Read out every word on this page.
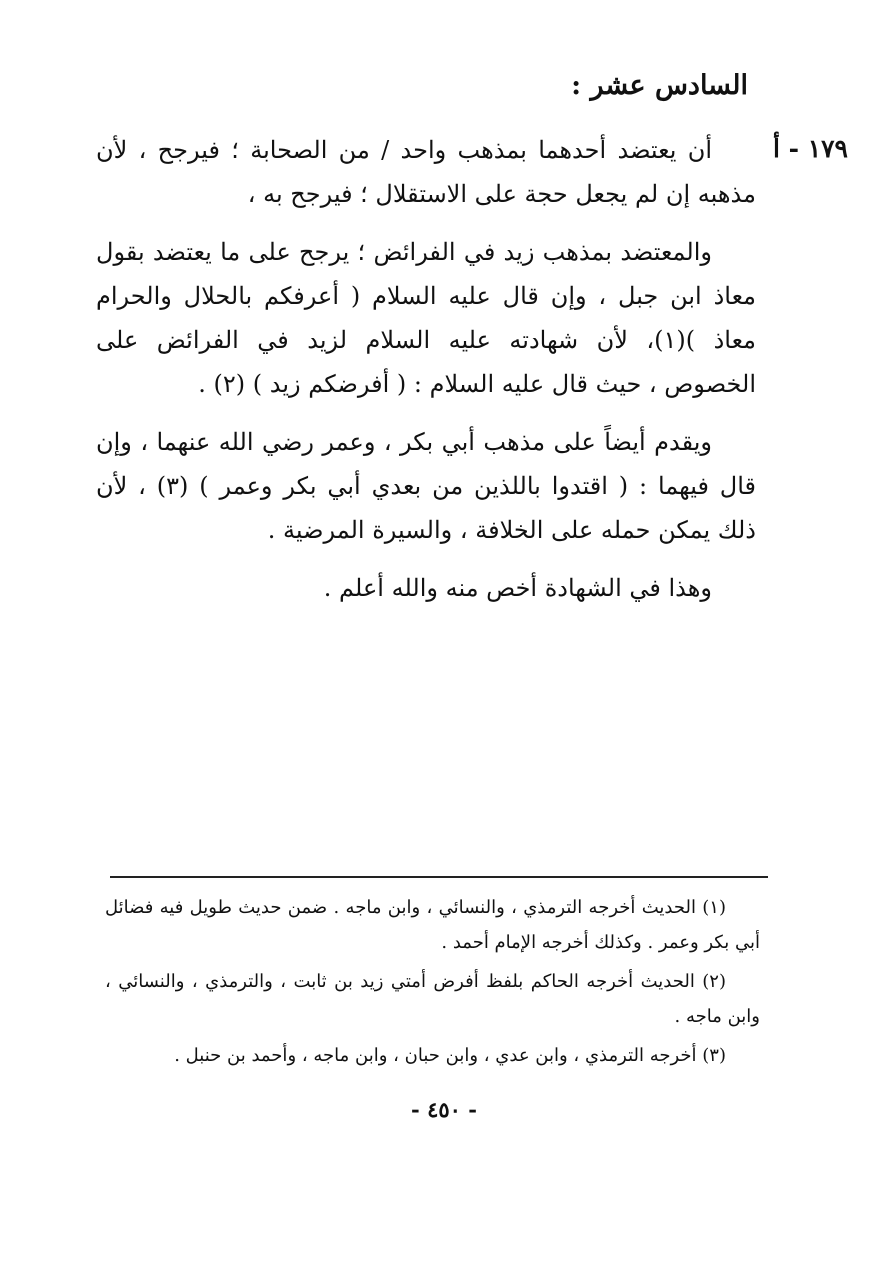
السادس عشر :
١٧٩ - أ

أن يعتضد أحدهما بمذهب واحد / من الصحابة ؛ فيرجح ، لأن مذهبه إن لم يجعل حجة على الاستقلال ؛ فيرجح به ،

والمعتضد بمذهب زيد في الفرائض ؛ يرجح على ما يعتضد بقول معاذ ابن جبل ، وإن قال عليه السلام ( أعرفكم بالحلال والحرام معاذ )(١)، لأن شهادته عليه السلام لزيد في الفرائض على الخصوص ، حيث قال عليه السلام : ( أفرضكم زيد ) (٢) .

ويقدم أيضاً على مذهب أبي بكر ، وعمر رضي الله عنهما ، وإن قال فيهما : ( اقتدوا باللذين من بعدي أبي بكر وعمر ) (٣) ، لأن ذلك يمكن حمله على الخلافة ، والسيرة المرضية .

وهذا في الشهادة أخص منه والله أعلم .

(١) الحديث أخرجه الترمذي ، والنسائي ، وابن ماجه . ضمن حديث طويل فيه فضائل أبي بكر وعمر . وكذلك أخرجه الإمام أحمد .

(٢) الحديث أخرجه الحاكم بلفظ أفرض أمتي زيد بن ثابت ، والترمذي ، والنسائي ، وابن ماجه .

(٣) أخرجه الترمذي ، وابن عدي ، وابن حبان ، وابن ماجه ، وأحمد بن حنبل .

- ٤٥٠ -
